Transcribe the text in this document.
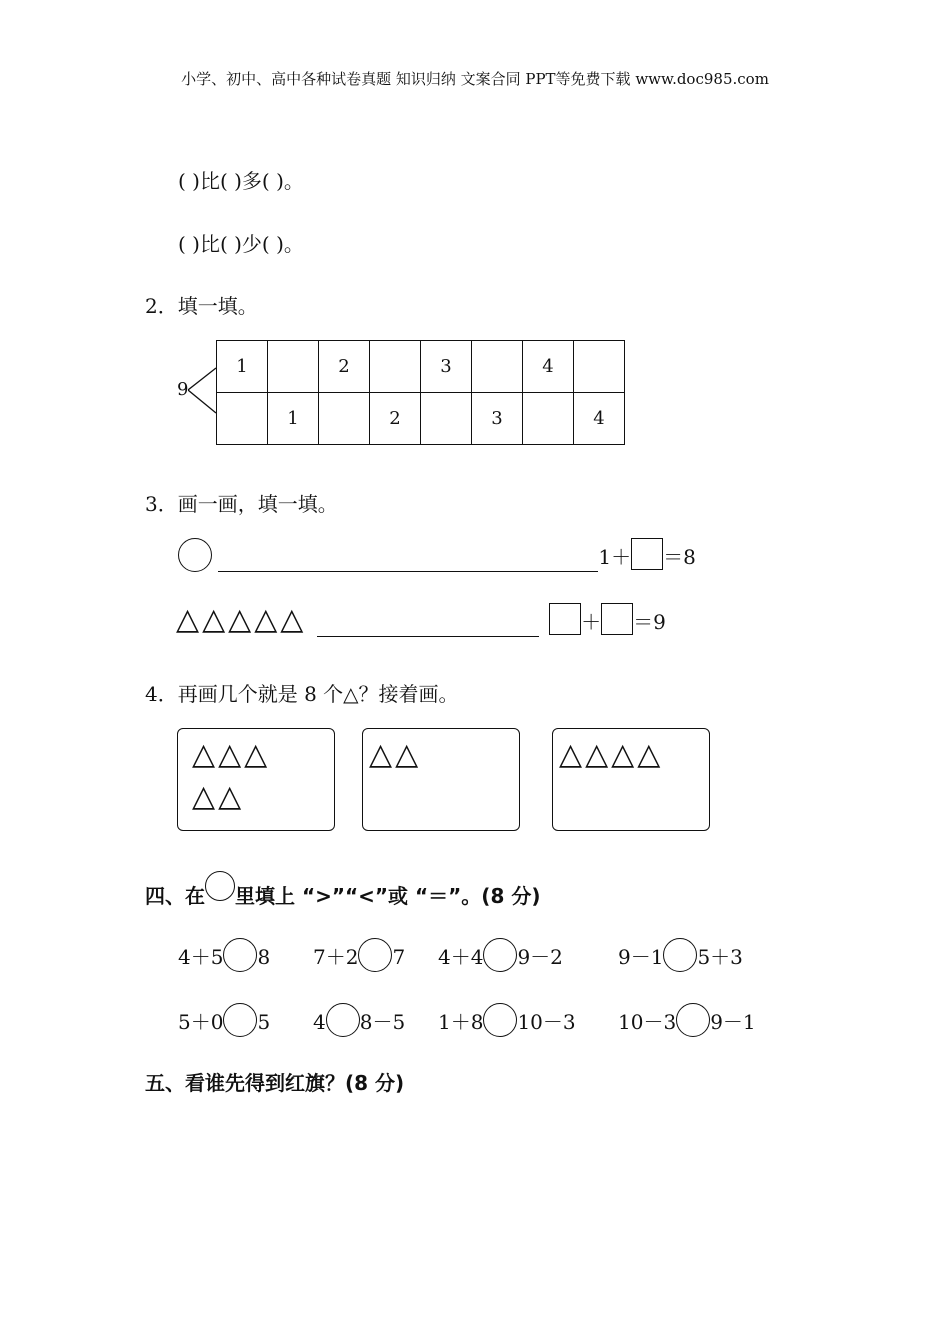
小学、初中、高中各种试卷真题 知识归纳 文案合同 PPT等免费下载 www.doc985.com
( )比( )多( )。
( )比( )少( )。
2．填一填。
9
1		2		3		4	
	1		2		3		4
3．画一画，填一填。
1＋ ＝8
△△△△△	＋ ＝9
4．再画几个就是 8 个△？接着画。
△△△
△△
△△	△△△△
四、在 里填上 “>”“<”或 “＝”。(8 分)
4＋5 8 7＋2 7 4＋4 9－2	9－1 5＋3
5＋0 5 4 8－5 1＋8 10－3 10－3 9－1
五、看谁先得到红旗？(8 分)
